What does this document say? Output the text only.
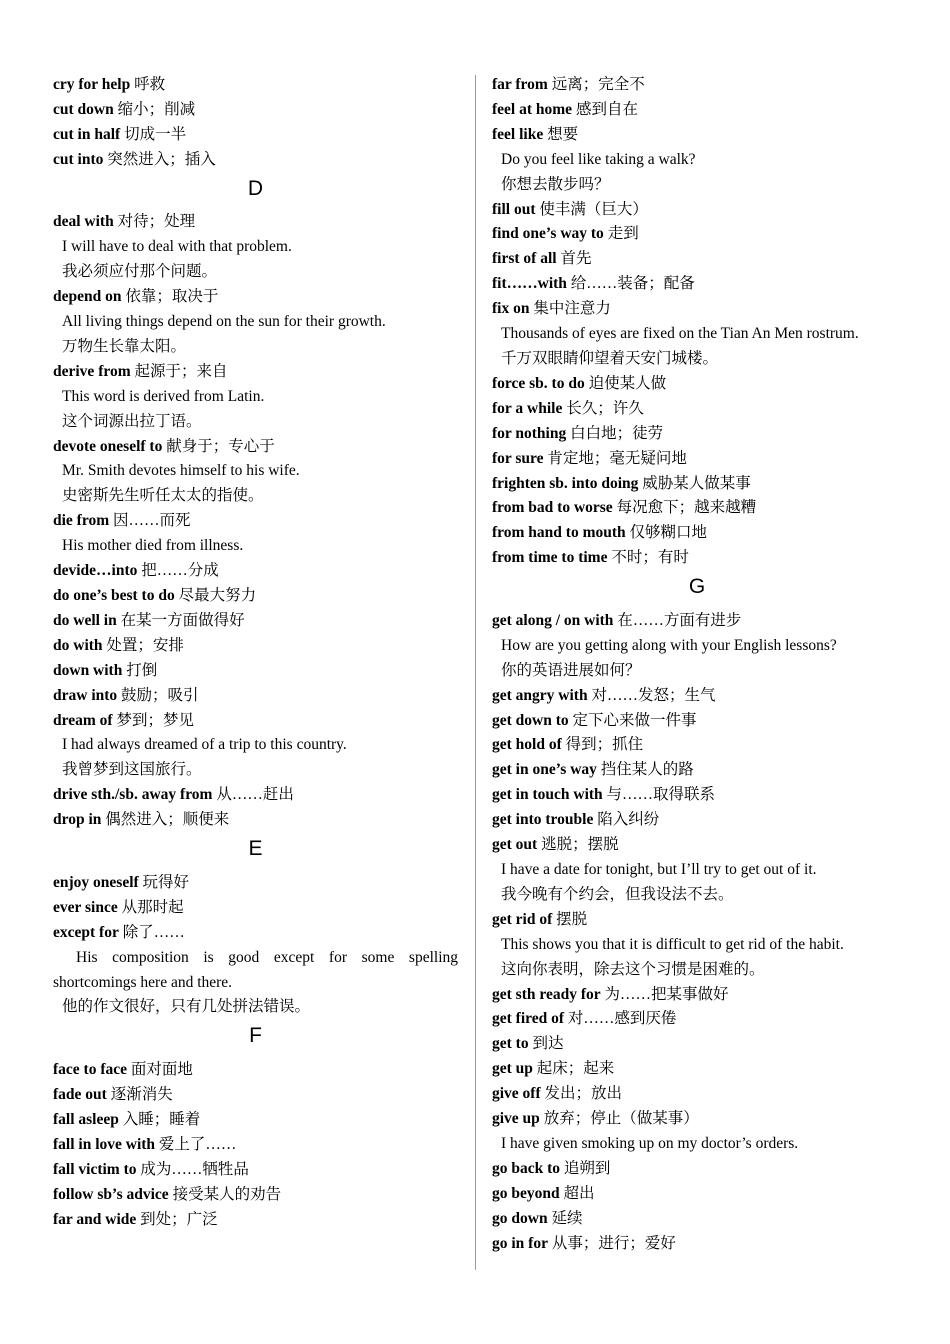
cry for help 呼救
cut down 缩小；削减
cut in half 切成一半
cut into 突然进入；插入
D
deal with 对待；处理
I will have to deal with that problem.
我必须应付那个问题。
depend on 依靠；取决于
All living things depend on the sun for their growth.
万物生长靠太阳。
derive from 起源于；来自
This word is derived from Latin.
这个词源出拉丁语。
devote oneself to 献身于；专心于
Mr. Smith devotes himself to his wife.
史密斯先生听任太太的指使。
die from 因……而死
His mother died from illness.
devide…into 把……分成
do one’s best to do 尽最大努力
do well in 在某一方面做得好
do with 处置；安排
down with 打倒
draw into 鼓励；吸引
dream of 梦到；梦见
I had always dreamed of a trip to this country.
我曾梦到这国旅行。
drive sth./sb. away from 从……赶出
drop in 偶然进入；顺便来
E
enjoy oneself 玩得好
ever since 从那时起
except for 除了……
His composition is good except for some spelling shortcomings here and there.
他的作文很好，只有几处拼法错误。
F
face to face 面对面地
fade out 逐渐消失
fall asleep 入睡；睡着
fall in love with 爱上了……
fall victim to 成为……牺牲品
follow sb’s advice 接受某人的劝告
far and wide 到处；广泛
far from 远离；完全不
feel at home 感到自在
feel like 想要
Do you feel like taking a walk?
你想去散步吗？
fill out 使丰满（巨大）
find one’s way to 走到
first of all 首先
fit……with 给……装备；配备
fix on 集中注意力
Thousands of eyes are fixed on the Tian An Men rostrum.
千万双眼睛仰望着天安门城楼。
force sb. to do 迫使某人做
for a while 长久；许久
for nothing 白白地；徒劳
for sure 肯定地；毫无疑问地
frighten sb. into doing 威胁某人做某事
from bad to worse 每况愈下；越来越糟
from hand to mouth 仅够糊口地
from time to time 不时；有时
G
get along / on with 在……方面有进步
How are you getting along with your English lessons?
你的英语进展如何？
get angry with 对……发怒；生气
get down to 定下心来做一件事
get hold of 得到；抓住
get in one’s way 挡住某人的路
get in touch with 与……取得联系
get into trouble 陷入纠纷
get out 逃脱；摆脱
I have a date for tonight, but I’ll try to get out of it.
我今晚有个约会，但我设法不去。
get rid of 摆脱
This shows you that it is difficult to get rid of the habit.
这向你表明，除去这个习惯是困难的。
get sth ready for 为……把某事做好
get fired of 对……感到厌倦
get to 到达
get up 起床；起来
give off 发出；放出
give up 放弃；停止（做某事）
I have given smoking up on my doctor’s orders.
go back to 追朔到
go beyond 超出
go down 延续
go in for 从事；进行；爱好
